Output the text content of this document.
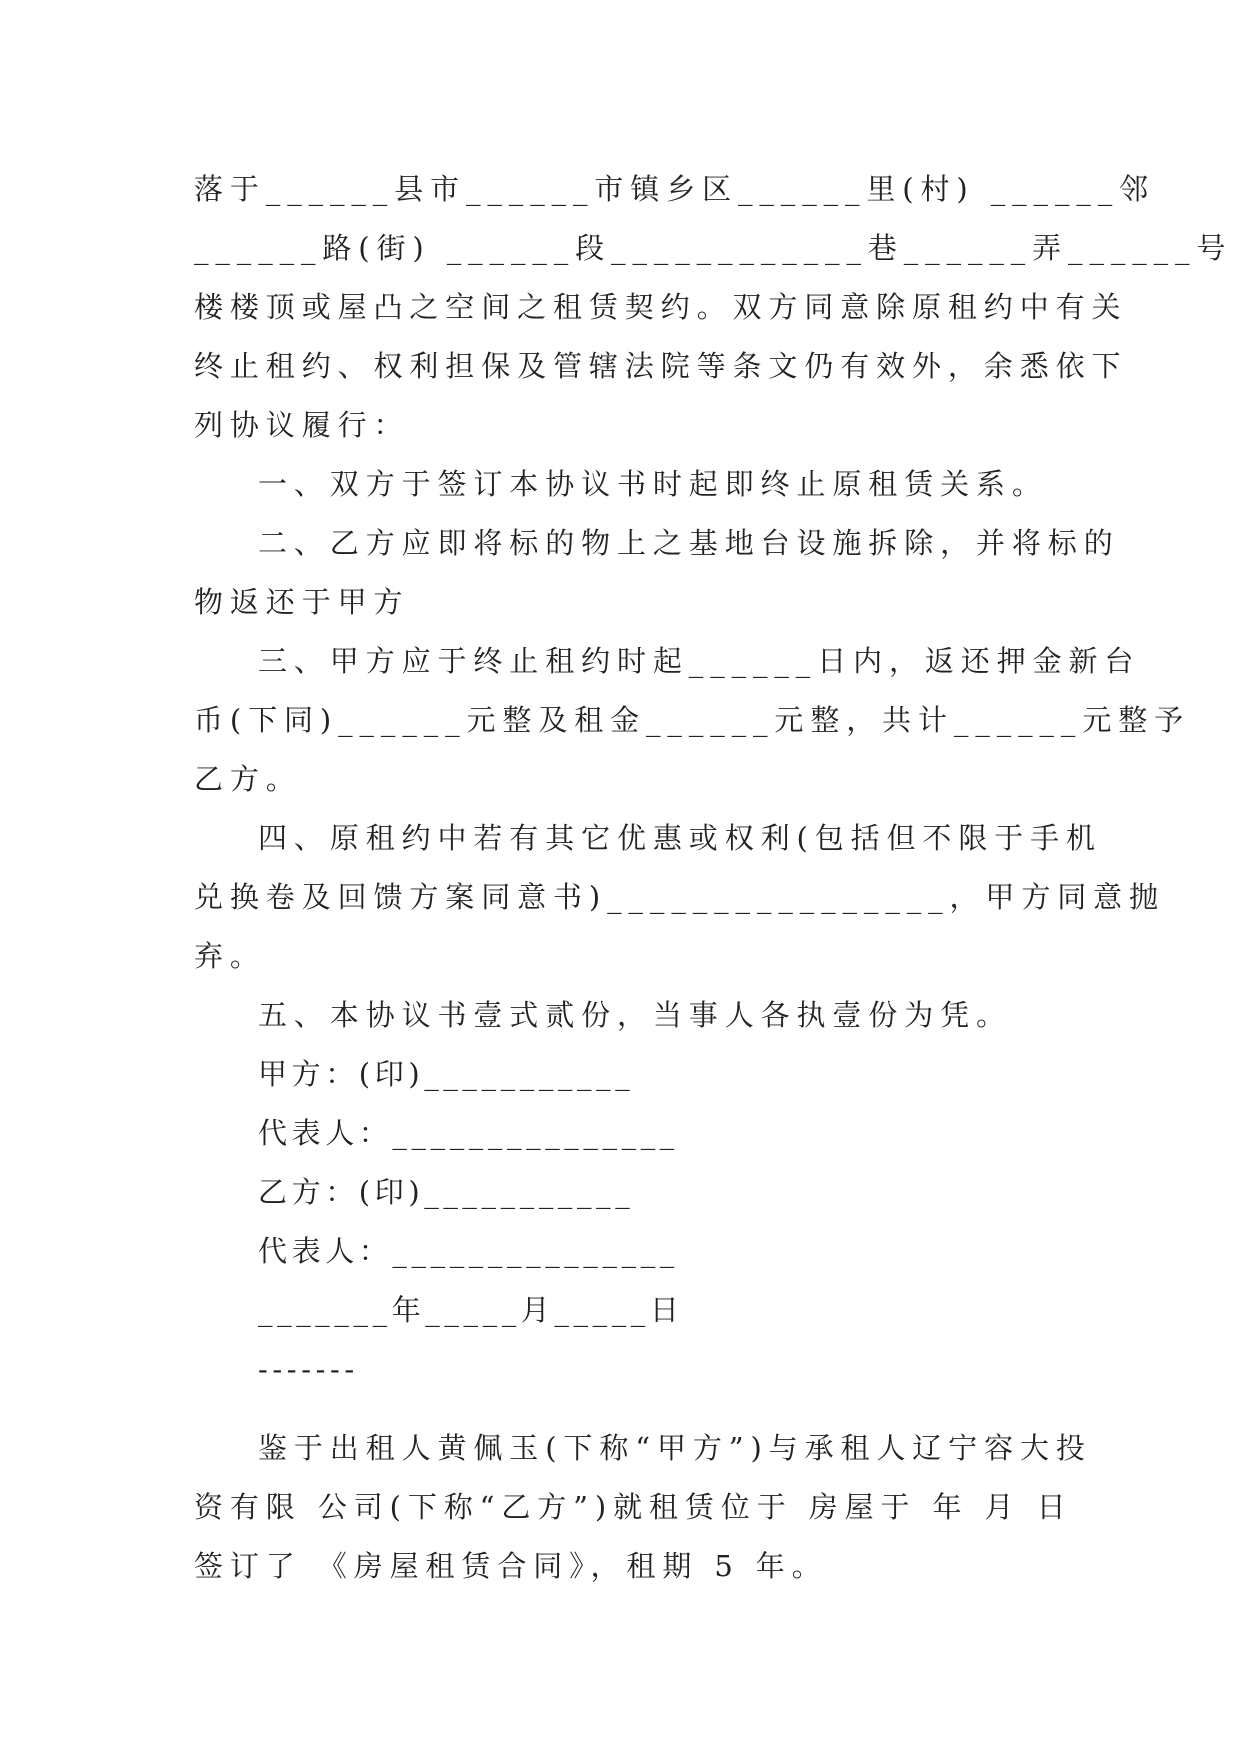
落于______县市______市镇乡区______里(村) ______邻
______路(街) ______段____________巷______弄______号
楼楼顶或屋凸之空间之租赁契约。双方同意除原租约中有关
终止租约、权利担保及管辖法院等条文仍有效外，余悉依下
列协议履行：
一、双方于签订本协议书时起即终止原租赁关系。
二、乙方应即将标的物上之基地台设施拆除，并将标的
物返还于甲方
三、甲方应于终止租约时起______日内，返还押金新台
币(下同)______元整及租金______元整，共计______元整予
乙方。
四、原租约中若有其它优惠或权利(包括但不限于手机
兑换卷及回馈方案同意书)________________，甲方同意抛
弃。
五、本协议书壹式贰份，当事人各执壹份为凭。
甲方：(印)___________
代表人：_______________
乙方：(印)___________
代表人：_______________
_______年_____月_____日
-------
鉴于出租人黄佩玉(下称“甲方”)与承租人辽宁容大投
资有限 公司(下称“乙方”)就租赁位于 房屋于 年 月 日
签订了 《房屋租赁合同》，租期 5 年。
